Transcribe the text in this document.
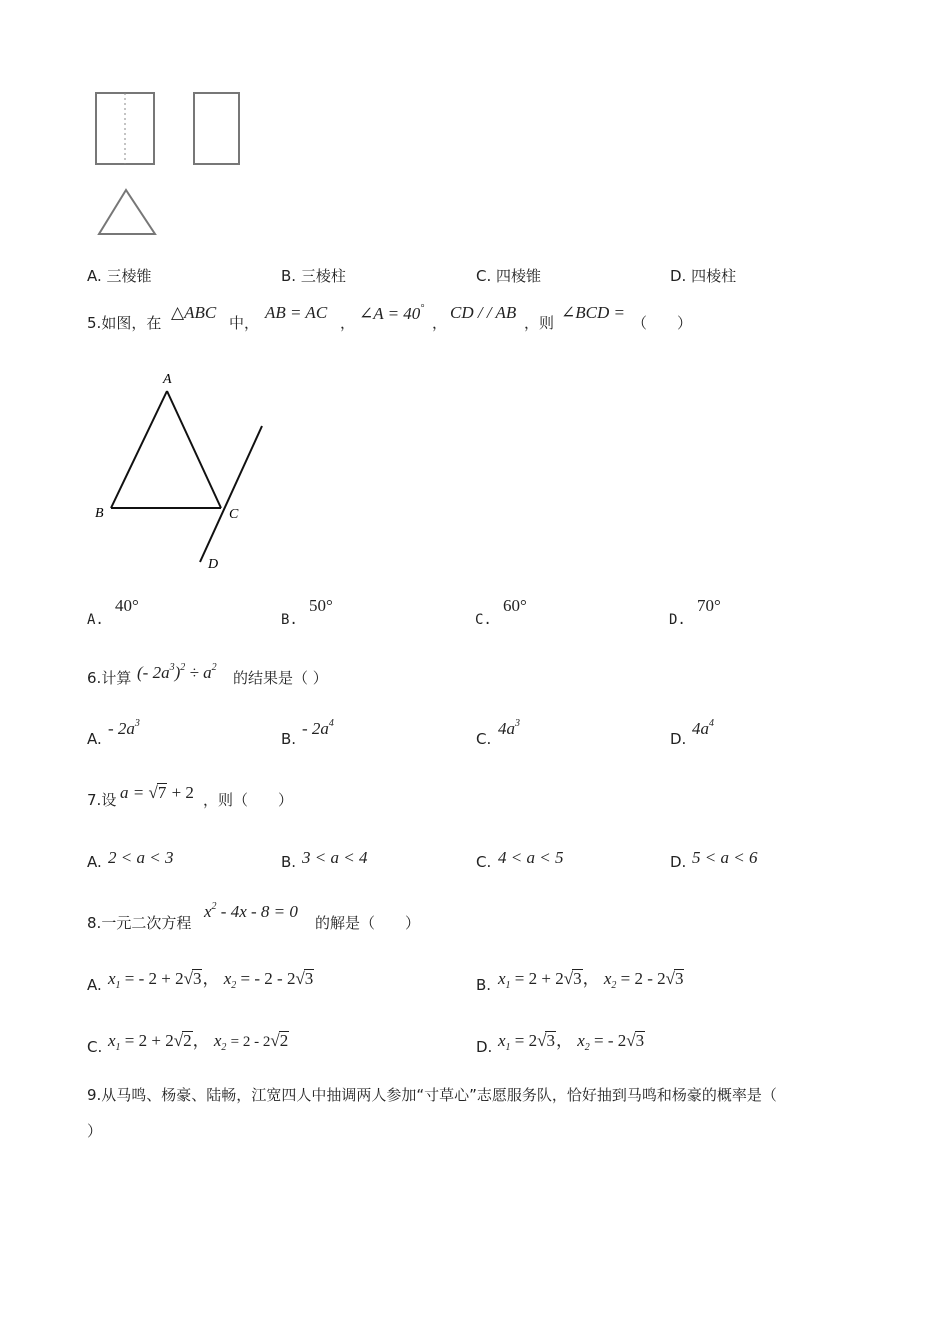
A. 三棱锥	B. 三棱柱	C. 四棱锥	D. 四棱柱
5.如图，在
△ABC
中，
AB = AC
， ∠A = 40°
，
CD / / AB
，则
∠BCD =
（　　）
A
B	C
D
A.
40°
B.
50°
C.
60°
D.
70°
6.计算 (- $2a^3)^2 \div a^2$
的结果是（ ）
A.
- $2a^3$
B.
- $2a^4$
C.
$4a^3$
D.
$4a^4$
7.设 a = √7 + 2 ，则（　　）
A. 2 < a < 3	B. 3 < a < 4	C. 4 < a < 5	D. 5 < a < 6
8.一元二次方程
$x^2 - 4x - 8 = 0$
的解是（　　）
A. $x_1$ = - 2 + 2√3， $x_2$ = - 2 - 2√3	B. $x_1 = 2 + 2√3$， $x_2 = 2 - 2√3$
C. $x_1 = 2 + 2√2$， $x_2 = 2 - 2√2$	D. $x_1 = 2√3$， $x_2$ = - 2√3
9.从马鸣、杨豪、陆畅，江宽四人中抽调两人参加“寸草心”志愿服务队，恰好抽到马鸣和杨豪的概率是（
）
